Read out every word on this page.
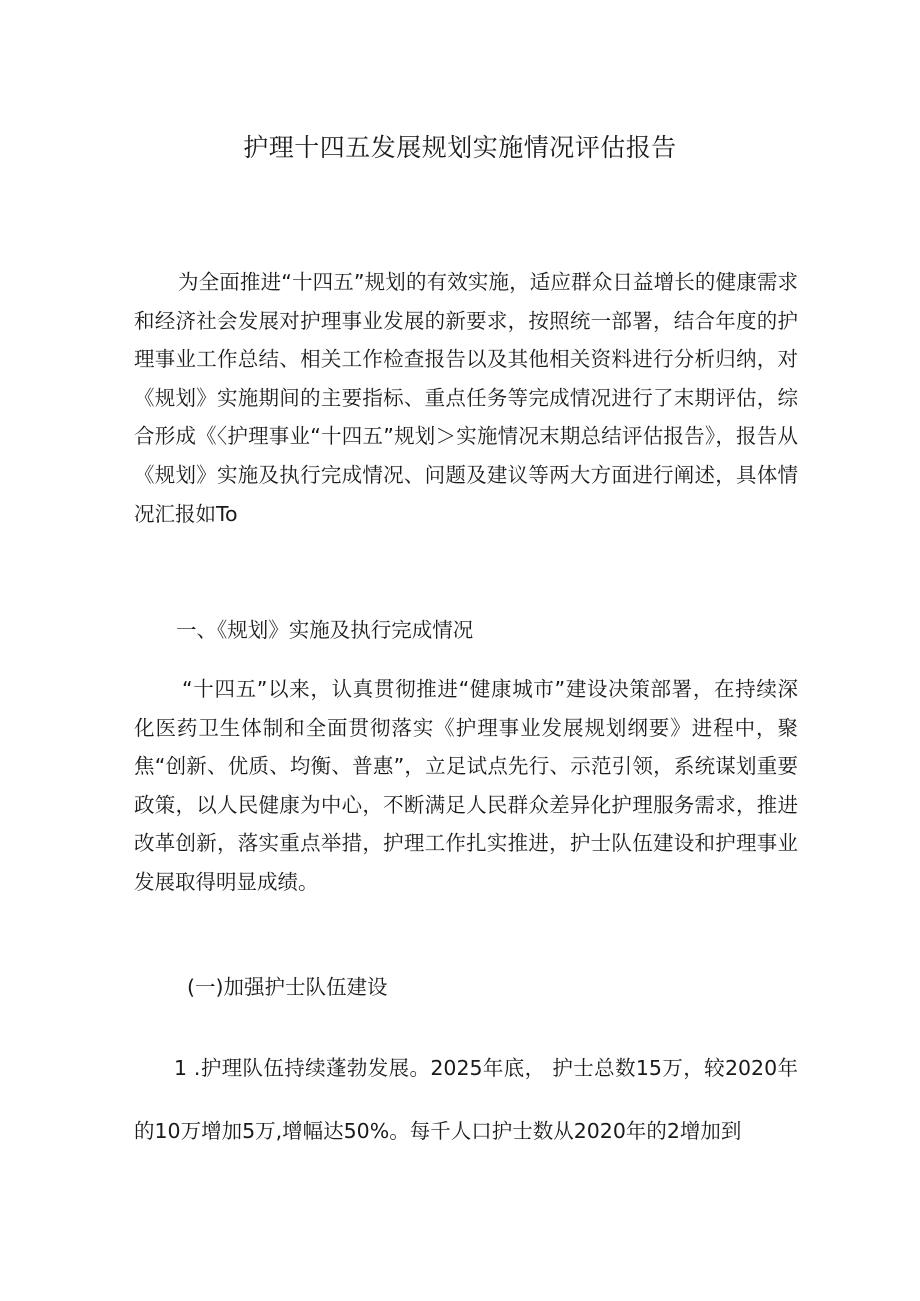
护理十四五发展规划实施情况评估报告

为全面推进“十四五”规划的有效实施，适应群众日益增长的健康需求和经济社会发展对护理事业发展的新要求，按照统一部署，结合年度的护理事业工作总结、相关工作检查报告以及其他相关资料进行分析归纳，对《规划》实施期间的主要指标、重点任务等完成情况进行了末期评估，综合形成《〈护理事业“十四五”规划＞实施情况末期总结评估报告》，报告从《规划》实施及执行完成情况、问题及建议等两大方面进行阐述，具体情况汇报如To

一、《规划》实施及执行完成情况

“十四五”以来，认真贯彻推进“健康城市”建设决策部署，在持续深化医药卫生体制和全面贯彻落实《护理事业发展规划纲要》进程中，聚焦“创新、优质、均衡、普惠”，立足试点先行、示范引领，系统谋划重要政策，以人民健康为中心，不断满足人民群众差异化护理服务需求，推进改革创新，落实重点举措，护理工作扎实推进，护士队伍建设和护理事业发展取得明显成绩。

(一)加强护士队伍建设

1 .护理队伍持续蓬勃发展。2025年底， 护士总数15万，较2020年的10万增加5万,增幅达50%。每千人口护士数从2020年的2增加到
